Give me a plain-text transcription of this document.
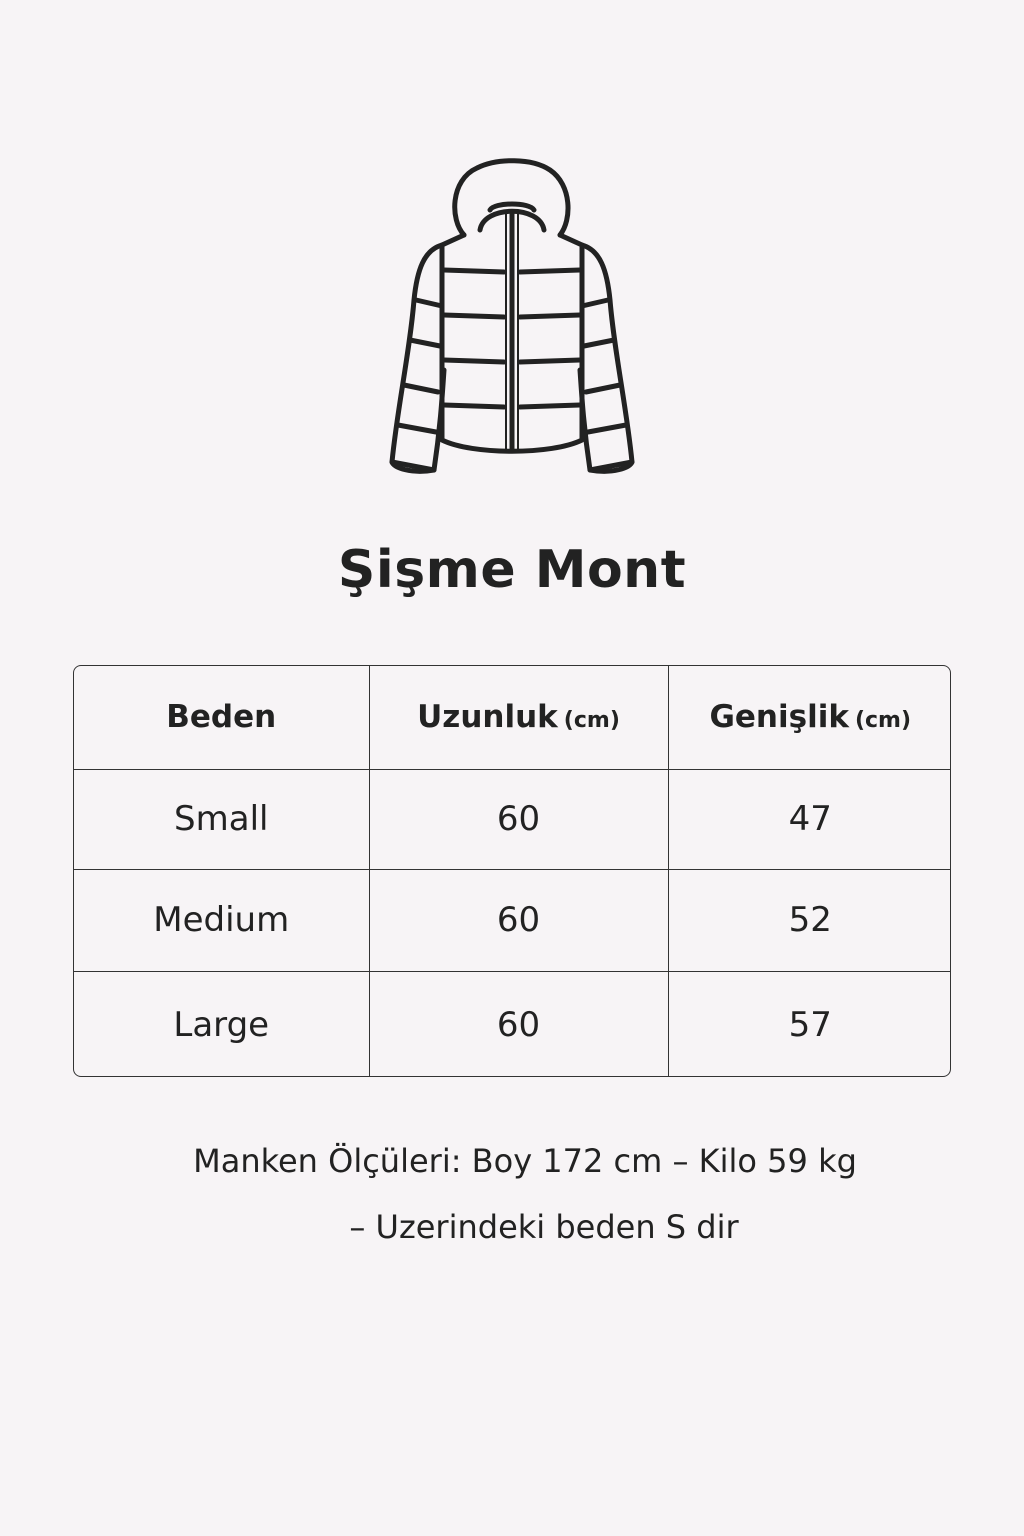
Şişme Mont
Beden	Uzunluk (cm)	Genişlik (cm)
Small	60	47
Medium	60	52
Large	60	57
Manken Ölçüleri: Boy 172 cm – Kilo 59 kg
– Uzerindeki beden S dir
